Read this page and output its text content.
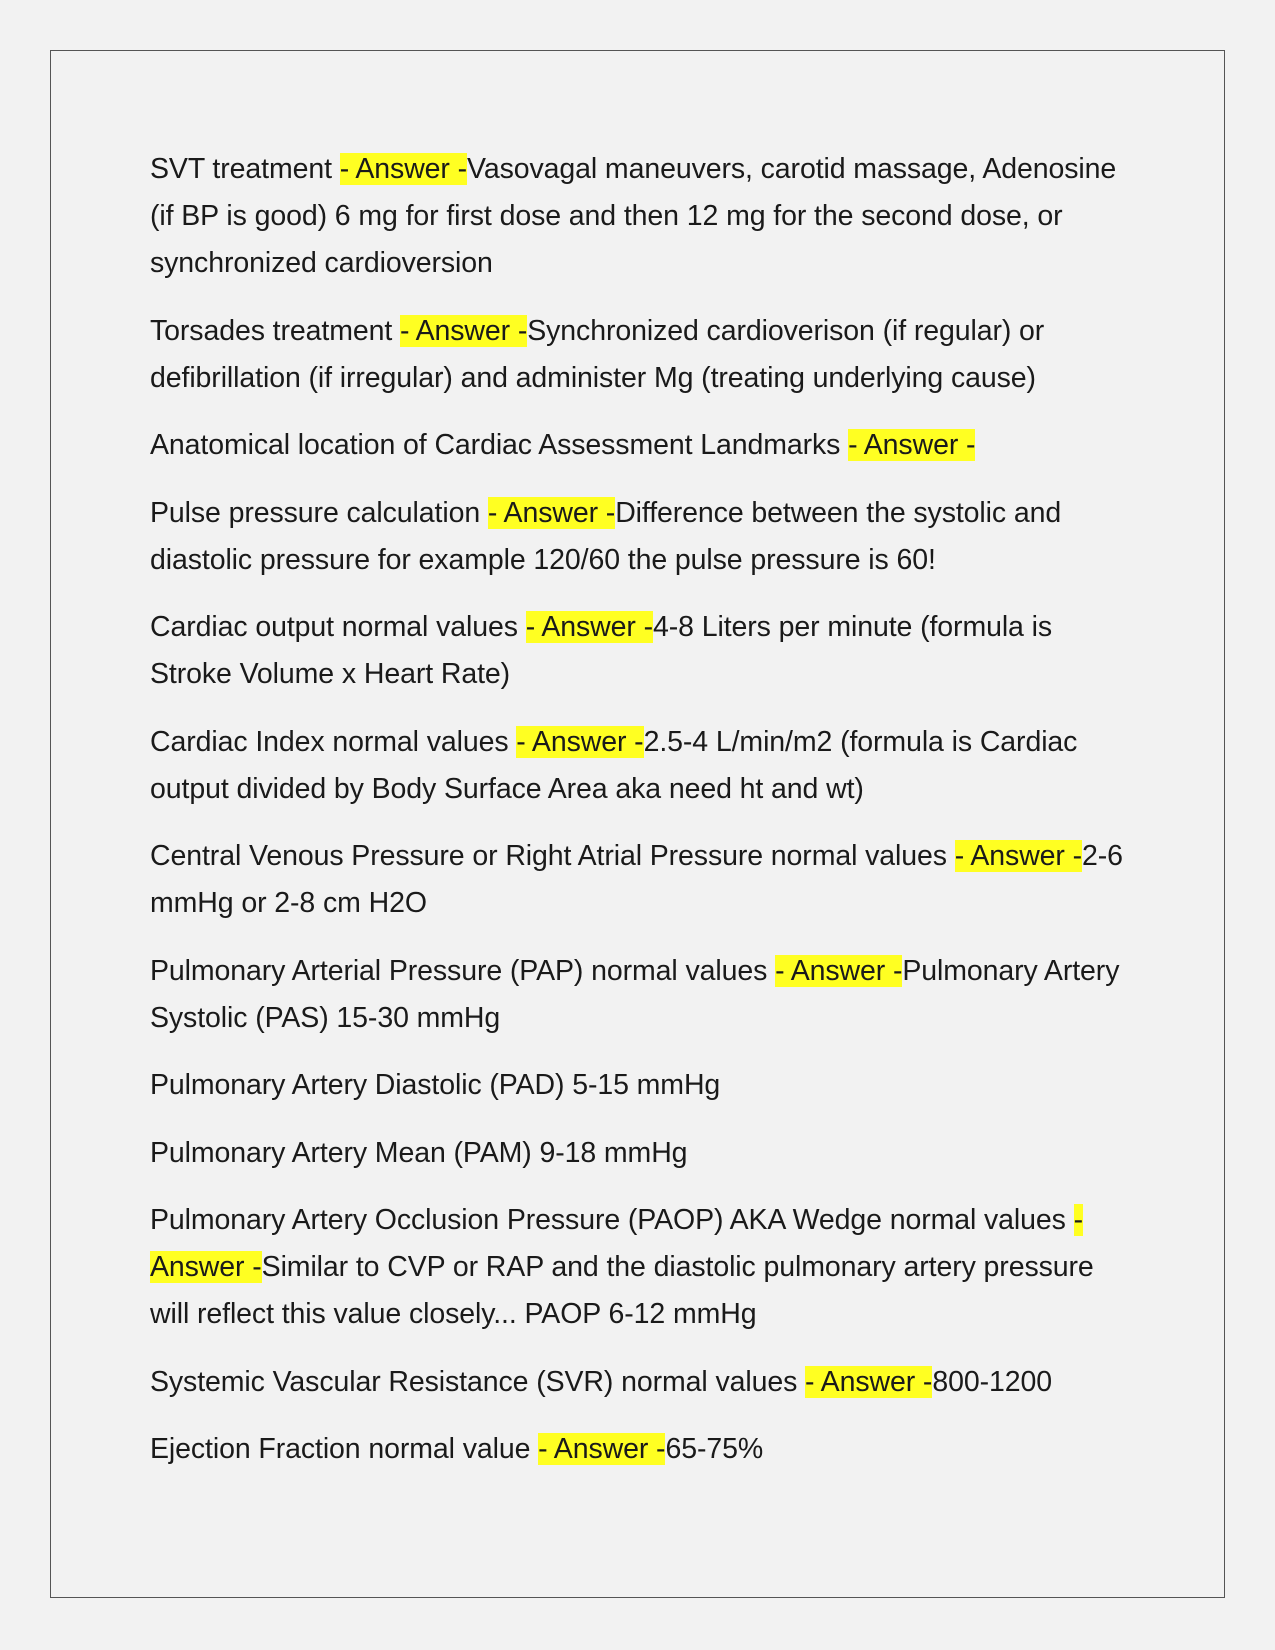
SVT treatment - Answer -Vasovagal maneuvers, carotid massage, Adenosine (if BP is good) 6 mg for first dose and then 12 mg for the second dose, or synchronized cardioversion

Torsades treatment - Answer -Synchronized cardioverison (if regular) or defibrillation (if irregular) and administer Mg (treating underlying cause)

Anatomical location of Cardiac Assessment Landmarks - Answer -

Pulse pressure calculation - Answer -Difference between the systolic and diastolic pressure for example 120/60 the pulse pressure is 60!

Cardiac output normal values - Answer -4-8 Liters per minute (formula is Stroke Volume x Heart Rate)

Cardiac Index normal values - Answer -2.5-4 L/min/m2 (formula is Cardiac output divided by Body Surface Area aka need ht and wt)

Central Venous Pressure or Right Atrial Pressure normal values - Answer -2-6 mmHg or 2-8 cm H2O

Pulmonary Arterial Pressure (PAP) normal values - Answer -Pulmonary Artery Systolic (PAS) 15-30 mmHg

Pulmonary Artery Diastolic (PAD) 5-15 mmHg

Pulmonary Artery Mean (PAM) 9-18 mmHg

Pulmonary Artery Occlusion Pressure (PAOP) AKA Wedge normal values - Answer -Similar to CVP or RAP and the diastolic pulmonary artery pressure will reflect this value closely... PAOP 6-12 mmHg

Systemic Vascular Resistance (SVR) normal values - Answer -800-1200

Ejection Fraction normal value - Answer -65-75%
